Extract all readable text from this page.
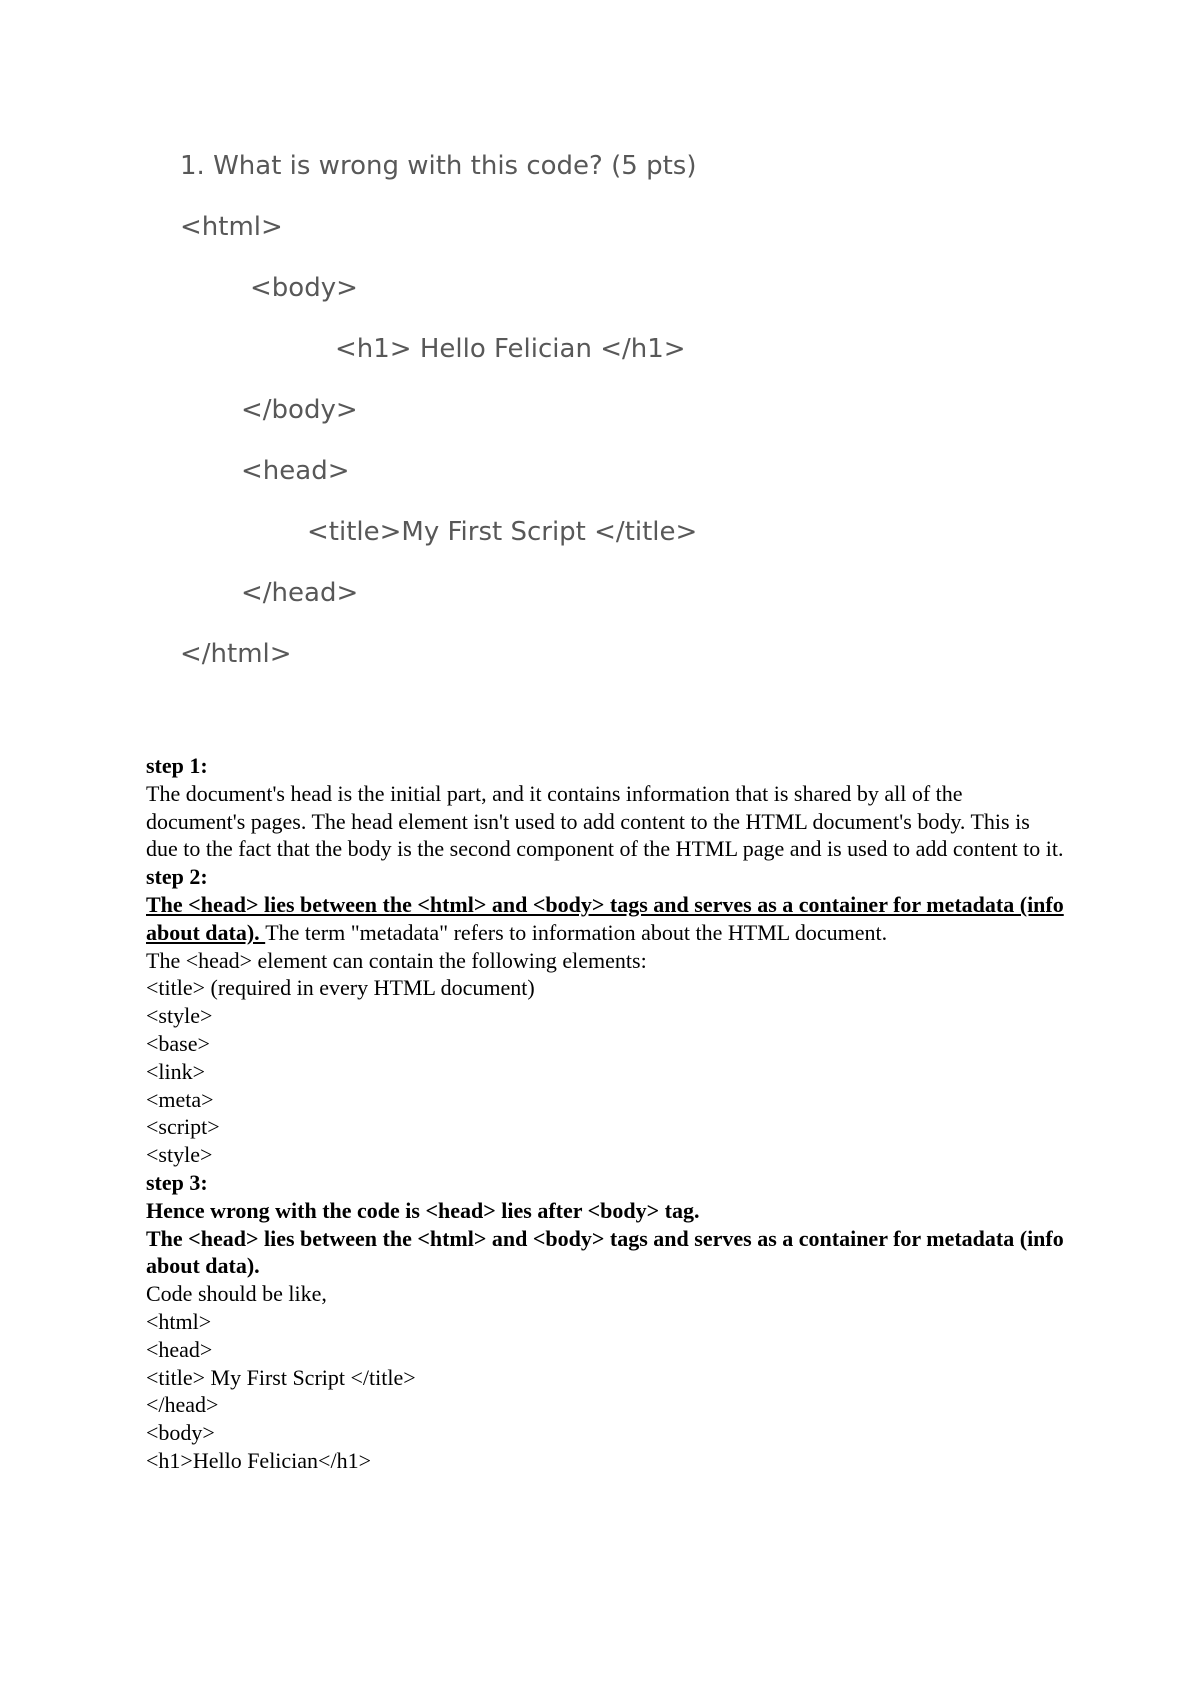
1. What is wrong with this code? (5 pts)
<html>
<body>
<h1> Hello Felician </h1>
</body>
<head>
<title>My First Script </title>
</head>
</html>

step 1:

The document's head is the initial part, and it contains information that is shared by all of the document's pages. The head element isn't used to add content to the HTML document's body. This is due to the fact that the body is the second component of the HTML page and is used to add content to it.

step 2:

The <head> lies between the <html> and <body> tags and serves as a container for metadata (info about data). The term "metadata" refers to information about the HTML document.

The <head> element can contain the following elements:

<title> (required in every HTML document)

<style>

<base>

<link>

<meta>

<script>

<style>

step 3:

Hence wrong with the code is <head> lies after <body> tag.

The <head> lies between the <html> and <body> tags and serves as a container for metadata (info about data).

Code should be like,

<html>

<head>

<title> My First Script </title>

</head>

<body>

<h1>Hello Felician</h1>
